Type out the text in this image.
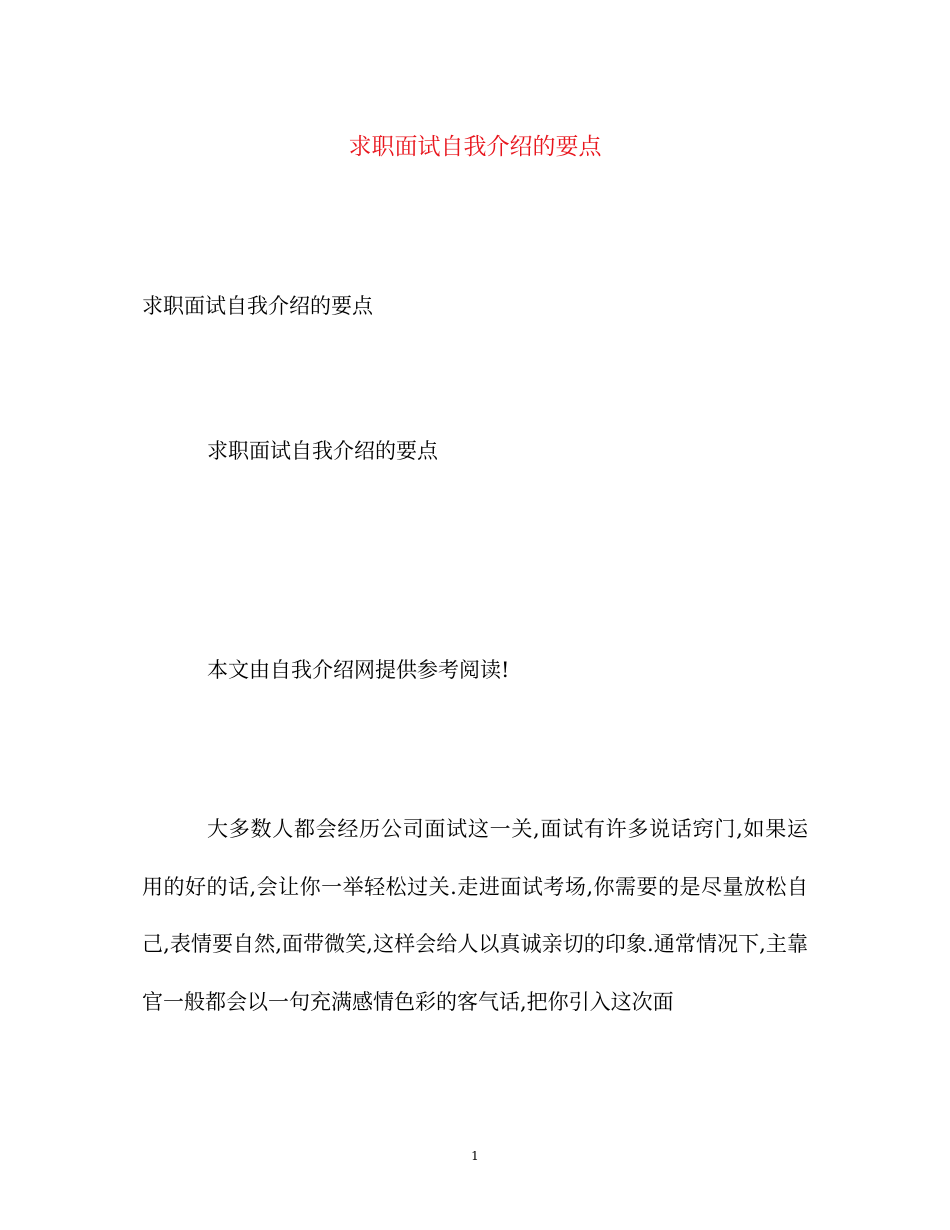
求职面试自我介绍的要点
求职面试自我介绍的要点
求职面试自我介绍的要点
本文由自我介绍网提供参考阅读!
大多数人都会经历公司面试这一关,面试有许多说话窍门,如果运用的好的话,会让你一举轻松过关.走进面试考场,你需要的是尽量放松自己,表情要自然,面带微笑,这样会给人以真诚亲切的印象.通常情况下,主靠官一般都会以一句充满感情色彩的客气话,把你引入这次面
1
